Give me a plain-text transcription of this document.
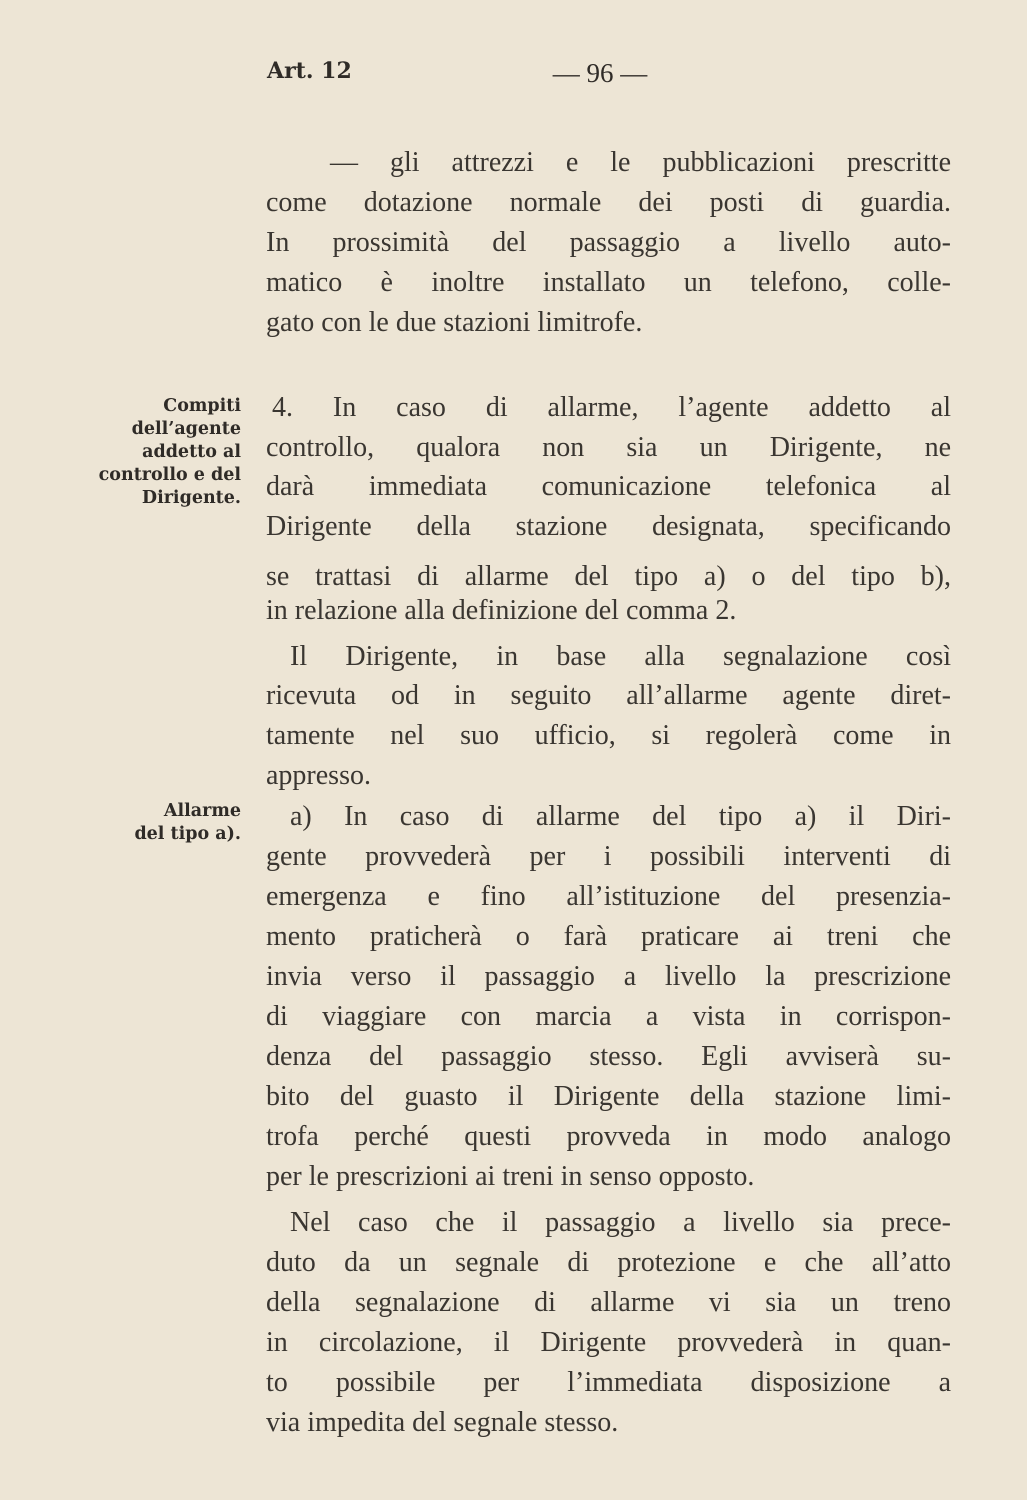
Art. 12	— 96 —
Compiti
dell’agente
addetto al
controllo e del
Dirigente.
Allarme
del tipo a).
— gli attrezzi e le pubblicazioni prescritte
come dotazione normale dei posti di guardia.
In prossimità del passaggio a livello auto-
matico è inoltre installato un telefono, colle-
gato con le due stazioni limitrofe.
4. In caso di allarme, l’agente addetto al
controllo, qualora non sia un Dirigente, ne
darà immediata comunicazione telefonica al
Dirigente della stazione designata, specificando
se trattasi di allarme del tipo a) o del tipo b),
in relazione alla definizione del comma 2.
Il Dirigente, in base alla segnalazione così
ricevuta od in seguito all’allarme agente diret-
tamente nel suo ufficio, si regolerà come in
appresso.
a) In caso di allarme del tipo a) il Diri-
gente provvederà per i possibili interventi di
emergenza e fino all’istituzione del presenzia-
mento praticherà o farà praticare ai treni che
invia verso il passaggio a livello la prescrizione
di viaggiare con marcia a vista in corrispon-
denza del passaggio stesso. Egli avviserà su-
bito del guasto il Dirigente della stazione limi-
trofa perché questi provveda in modo analogo
per le prescrizioni ai treni in senso opposto.
Nel caso che il passaggio a livello sia prece-
duto da un segnale di protezione e che all’atto
della segnalazione di allarme vi sia un treno
in circolazione, il Dirigente provvederà in quan-
to possibile per l’immediata disposizione a
via impedita del segnale stesso.
